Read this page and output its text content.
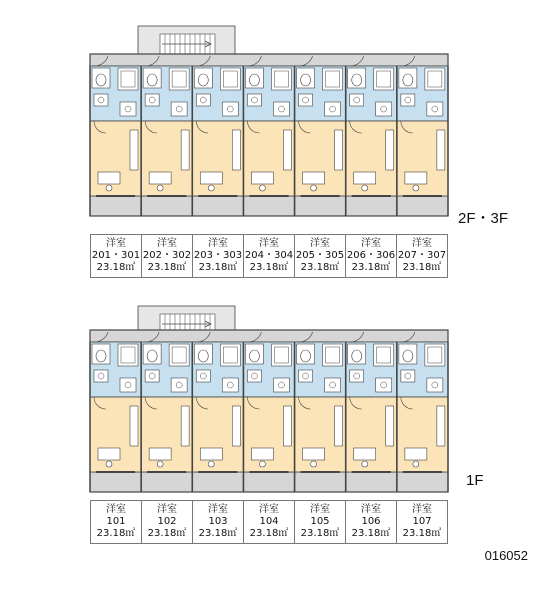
洋室
201・301
23.18㎡
洋室
202・302
23.18㎡
洋室
203・303
23.18㎡
洋室
204・304
23.18㎡
洋室
205・305
23.18㎡
洋室
206・306
23.18㎡
洋室
207・307
23.18㎡
洋室
101
23.18㎡
洋室
102
23.18㎡
洋室
103
23.18㎡
洋室
104
23.18㎡
洋室
105
23.18㎡
洋室
106
23.18㎡
洋室
107
23.18㎡
2F・3F
1F
016052
